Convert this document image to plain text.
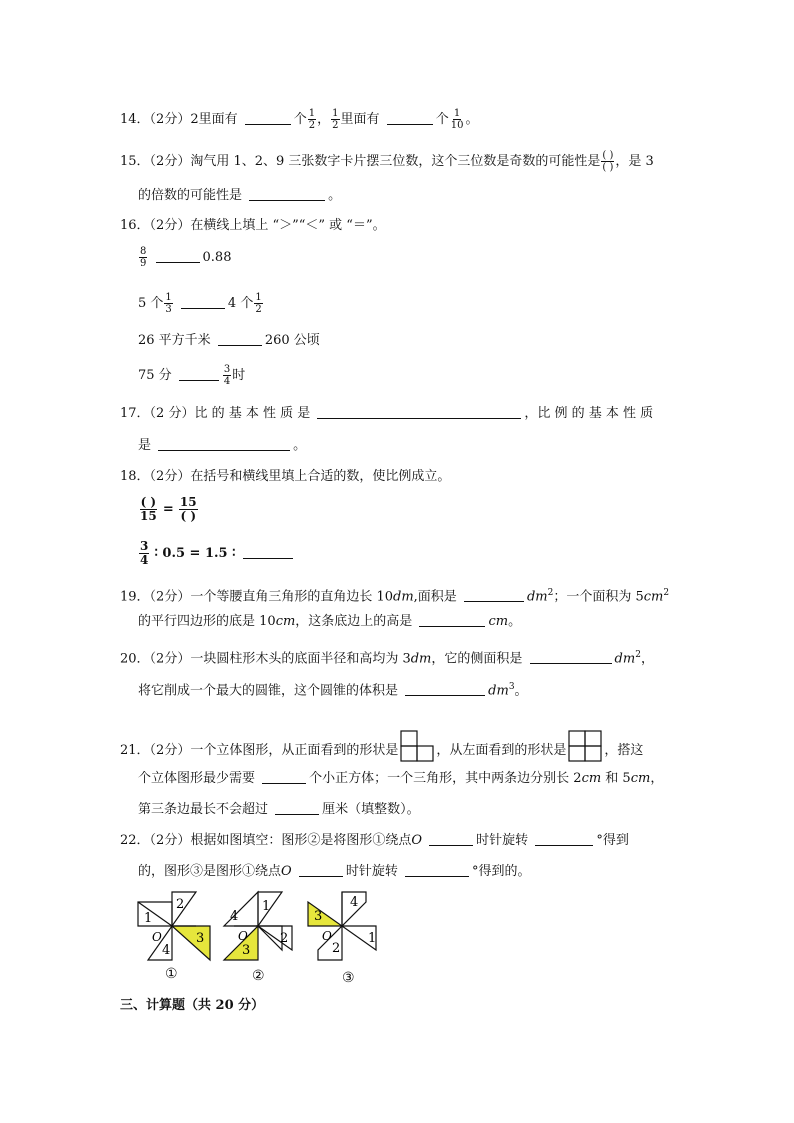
14．（2分）2里面有	个 $\frac{1}{2}$ ， $\frac{1}{2}$ 里面有	个 $\frac{1}{10}$ 。
15．（2分）淘气用 1、2、9 三张数字卡片摆三位数，这个三位数是奇数的可能性是 $\frac{( )}{( )}$ ，是 3
的倍数的可能性是	。
16．（2分）在横线上填上 “＞”“＜” 或 “＝”。
$\frac{8}{9}$	0.88
5 个 $\frac{1}{3}$	4 个 $\frac{1}{2}$
26 平方千米	260 公顷
75 分	$\frac{3}{4}$ 时
17．（2 分）比 的 基 本 性 质 是	，比 例 的 基 本 性 质
是	。
18．（2分）在括号和横线里填上合适的数，使比例成立。
$\frac{( )}{15} = \frac{15}{( )}$
$\frac{3}{4}$ ∶ 0.5 = 1.5 ∶
19．（2分）一个等腰直角三角形的直角边长 10dm,面积是	$dm^2$；一个面积为 $5cm^2$
的平行四边形的底是 10cm，这条底边上的高是	cm。
20．（2分）一块圆柱形木头的底面半径和高均为 3dm，它的侧面积是	$dm^2$，
将它削成一个最大的圆锥，这个圆锥的体积是	$dm^3$。
21．（2分）一个立体图形，从正面看到的形状是	，从左面看到的形状是	，搭这
个立体图形最少需要	个小正方体；一个三角形，其中两条边分别长 2cm 和 5cm，
第三条边最长不会超过	厘米（填整数）。
22．（2分）根据如图填空：图形②是将图形①绕点O	时针旋转	°得到
的，图形③是图形①绕点O	时针旋转	°得到的。
1
2
3
4
O
①
4
1
2
3
O
②
3
4
1
2
O
③
三、计算题（共 20 分）
